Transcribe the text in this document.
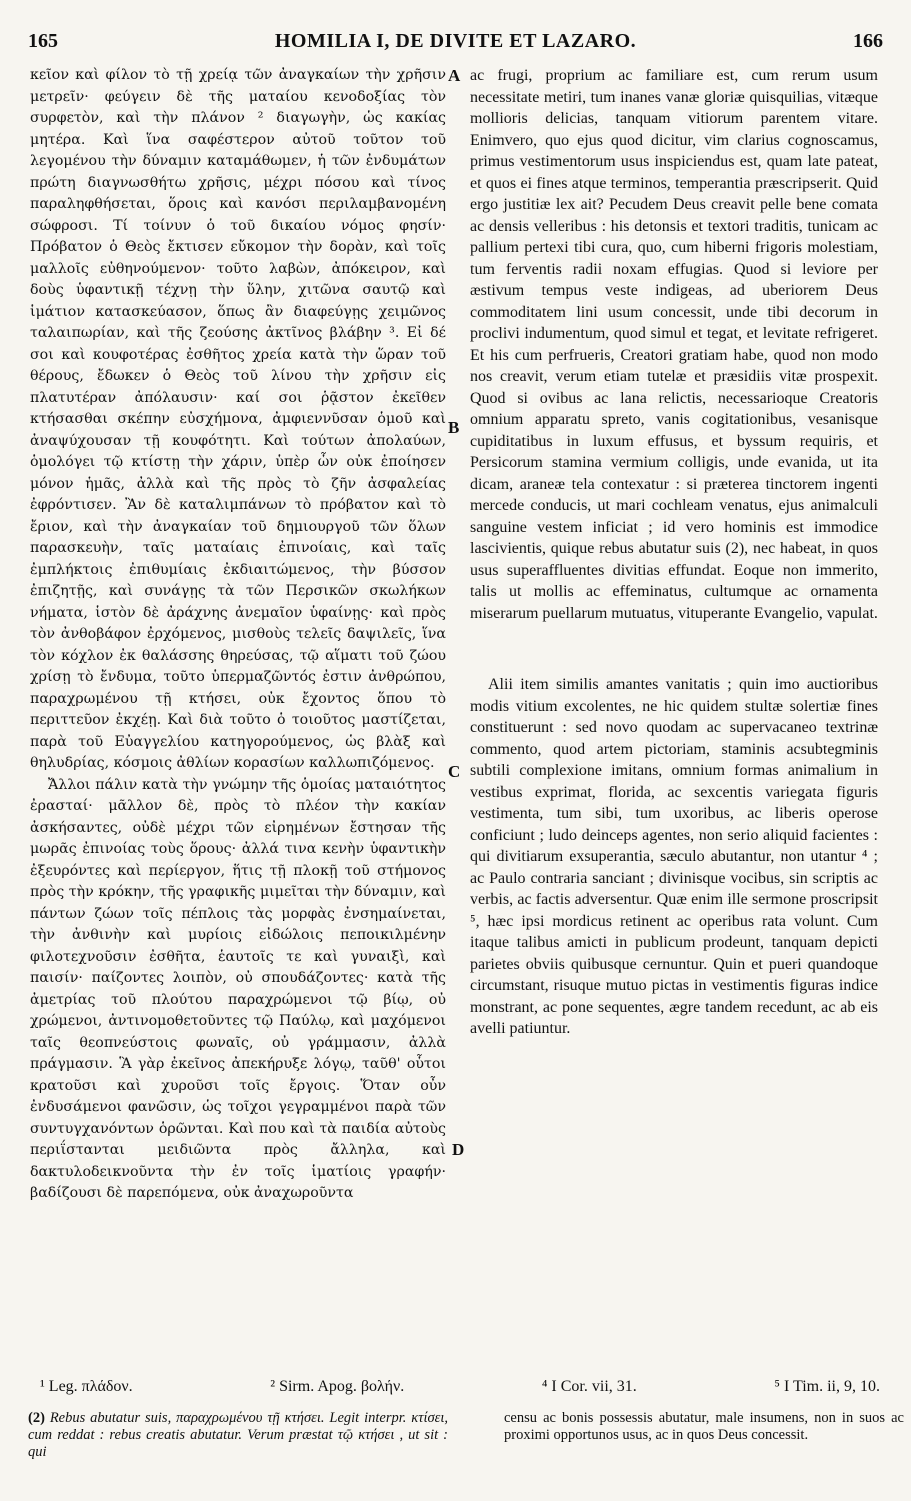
165	HOMILIA I, DE DIVITE ET LAZARO.	166

κεῖον καὶ φίλον τὸ τῇ χρείᾳ τῶν ἀναγκαίων τὴν χρῆσιν μετρεῖν· φεύγειν δὲ τῆς ματαίου κενοδοξίας τὸν συρφετὸν, καὶ τὴν πλάνον ² διαγωγὴν, ὡς κακίας μητέρα. Καὶ ἵνα σαφέστερον αὐτοῦ τοῦτον τοῦ λεγομένου τὴν δύναμιν καταμάθωμεν, ἡ τῶν ἐνδυμάτων πρώτη διαγνωσθήτω χρῆσις, μέχρι πόσου καὶ τίνος παραληφθήσεται, ὅροις καὶ κανόσι περιλαμβανομένη σώφροσι. Τί τοίνυν ὁ τοῦ δικαίου νόμος φησίν· Πρόβατον ὁ Θεὸς ἔκτισεν εὔκομον τὴν δορὰν, καὶ τοῖς μαλλοῖς εὐθηνούμενον· τοῦτο λαβὼν, ἀπόκειρον, καὶ δοὺς ὑφαντικῇ τέχνῃ τὴν ὕλην, χιτῶνα σαυτῷ καὶ ἱμάτιον κατασκεύασον, ὅπως ἂν διαφεύγῃς χειμῶνος ταλαιπωρίαν, καὶ τῆς ζεούσης ἀκτῖνος βλάβην ³. Εἰ δέ σοι καὶ κουφοτέρας ἐσθῆτος χρεία κατὰ τὴν ὥραν τοῦ θέρους, ἔδωκεν ὁ Θεὸς τοῦ λίνου τὴν χρῆσιν εἰς πλατυτέραν ἀπόλαυσιν· καί σοι ῥᾷστον ἐκεῖθεν κτήσασθαι σκέπην εὐσχήμονα, ἀμφιεννῦσαν ὁμοῦ καὶ ἀναψύχουσαν τῇ κουφότητι. Καὶ τούτων ἀπολαύων, ὁμολόγει τῷ κτίστῃ τὴν χάριν, ὑπὲρ ὧν οὐκ ἐποίησεν μόνον ἡμᾶς, ἀλλὰ καὶ τῆς πρὸς τὸ ζῆν ἀσφαλείας ἐφρόντισεν. Ἂν δὲ καταλιμπάνων τὸ πρόβατον καὶ τὸ ἔριον, καὶ τὴν ἀναγκαίαν τοῦ δημιουργοῦ τῶν ὅλων παρασκευὴν, ταῖς ματαίαις ἐπινοίαις, καὶ ταῖς ἐμπλήκτοις ἐπιθυμίαις ἐκδιαιτώμενος, τὴν βύσσον ἐπιζητῇς, καὶ συνάγῃς τὰ τῶν Περσικῶν σκωλήκων νήματα, ἱστὸν δὲ ἀράχνης ἀνεμαῖον ὑφαίνῃς· καὶ πρὸς τὸν ἀνθοβάφον ἐρχόμενος, μισθοὺς τελεῖς δαψιλεῖς, ἵνα τὸν κόχλον ἐκ θαλάσσης θηρεύσας, τῷ αἵματι τοῦ ζώου χρίσῃ τὸ ἔνδυμα, τοῦτο ὑπερμαζῶντός ἐστιν ἀνθρώπου, παραχρωμένου τῇ κτήσει, οὐκ ἔχοντος ὅπου τὸ περιττεῦον ἐκχέῃ. Καὶ διὰ τοῦτο ὁ τοιοῦτος μαστίζεται, παρὰ τοῦ Εὐαγγελίου κατηγορούμενος, ὡς βλὰξ καὶ θηλυδρίας, κόσμοις ἀθλίων κορασίων καλλωπιζόμενος.

Ἄλλοι πάλιν κατὰ τὴν γνώμην τῆς ὁμοίας ματαιότητος ἐρασταί· μᾶλλον δὲ, πρὸς τὸ πλέον τὴν κακίαν ἀσκήσαντες, οὐδὲ μέχρι τῶν εἰρημένων ἔστησαν τῆς μωρᾶς ἐπινοίας τοὺς ὅρους· ἀλλά τινα κενὴν ὑφαντικὴν ἐξευρόντες καὶ περίεργον, ἥτις τῇ πλοκῇ τοῦ στήμονος πρὸς τὴν κρόκην, τῆς γραφικῆς μιμεῖται τὴν δύναμιν, καὶ πάντων ζώων τοῖς πέπλοις τὰς μορφὰς ἐνσημαίνεται, τὴν ἀνθινὴν καὶ μυρίοις εἰδώλοις πεποικιλμένην φιλοτεχνοῦσιν ἐσθῆτα, ἑαυτοῖς τε καὶ γυναιξὶ, καὶ παισίν· παίζοντες λοιπὸν, οὐ σπουδάζοντες· κατὰ τῆς ἀμετρίας τοῦ πλούτου παραχρώμενοι τῷ βίῳ, οὐ χρώμενοι, ἀντινομοθετοῦντες τῷ Παύλῳ, καὶ μαχόμενοι ταῖς θεοπνεύστοις φωναῖς, οὐ γράμμασιν, ἀλλὰ πράγμασιν. Ἃ γὰρ ἐκεῖνος ἀπεκήρυξε λόγῳ, ταῦθ' οὗτοι κρατοῦσι καὶ χυροῦσι τοῖς ἔργοις. Ὅταν οὖν ἐνδυσάμενοι φανῶσιν, ὡς τοῖχοι γεγραμμένοι παρὰ τῶν συντυγχανόντων ὁρῶνται. Καὶ που καὶ τὰ παιδία αὐτοὺς περιΐστανται μειδιῶντα πρὸς ἄλληλα, καὶ δακτυλοδεικνοῦντα τὴν ἐν τοῖς ἱματίοις γραφήν· βαδίζουσι δὲ παρεπόμενα, οὐκ ἀναχωροῦντα

A
B
C
D

ac frugi, proprium ac familiare est, cum rerum usum necessitate metiri, tum inanes vanæ gloriæ quisquilias, vitæque mollioris delicias, tanquam vitiorum parentem vitare. Enimvero, quo ejus quod dicitur, vim clarius cognoscamus, primus vestimentorum usus inspiciendus est, quam late pateat, et quos ei fines atque terminos, temperantia præscripserit. Quid ergo justitiæ lex ait? Pecudem Deus creavit pelle bene comata ac densis velleribus : his detonsis et textori traditis, tunicam ac pallium pertexi tibi cura, quo, cum hiberni frigoris molestiam, tum ferventis radii noxam effugias. Quod si leviore per æstivum tempus veste indigeas, ad uberiorem Deus commoditatem lini usum concessit, unde tibi decorum in proclivi indumentum, quod simul et tegat, et levitate refrigeret. Et his cum perfrueris, Creatori gratiam habe, quod non modo nos creavit, verum etiam tutelæ et præsidiis vitæ prospexit. Quod si ovibus ac lana relictis, necessarioque Creatoris omnium apparatu spreto, vanis cogitationibus, vesanisque cupiditatibus in luxum effusus, et byssum requiris, et Persicorum stamina vermium colligis, unde evanida, ut ita dicam, araneæ tela contexatur : si præterea tinctorem ingenti mercede conducis, ut mari cochleam venatus, ejus animalculi sanguine vestem inficiat ; id vero hominis est immodice lascivientis, quique rebus abutatur suis (2), nec habeat, in quos usus superaffluentes divitias effundat. Eoque non immerito, talis ut mollis ac effeminatus, cultumque ac ornamenta miserarum puellarum mutuatus, vituperante Evangelio, vapulat.

Alii item similis amantes vanitatis ; quin imo auctioribus modis vitium excolentes, ne hic quidem stultæ solertiæ fines constituerunt : sed novo quodam ac supervacaneo textrinæ commento, quod artem pictoriam, staminis acsubtegminis subtili complexione imitans, omnium formas animalium in vestibus exprimat, florida, ac sexcentis variegata figuris vestimenta, tum sibi, tum uxoribus, ac liberis operose conficiunt ; ludo deinceps agentes, non serio aliquid facientes : qui divitiarum exsuperantia, sæculo abutantur, non utantur ⁴ ; ac Paulo contraria sanciant ; divinisque vocibus, sin scriptis ac verbis, ac factis adversentur. Quæ enim ille sermone proscripsit ⁵, hæc ipsi mordicus retinent ac operibus rata volunt. Cum itaque talibus amicti in publicum prodeunt, tanquam depicti parietes obviis quibusque cernuntur. Quin et pueri quandoque circumstant, risuque mutuo pictas in vestimentis figuras indice monstrant, ac pone sequentes, ægre tandem recedunt, ac ab eis avelli patiuntur.

¹ Leg. πλάδον.	² Sirm. Apog. βολήν.	⁴ I Cor. vii, 31.	⁵ I Tim. ii, 9, 10.
(2) Rebus abutatur suis, παραχρωμένου τῇ κτήσει. Legit interpr. κτίσει, cum reddat : rebus creatis abutatur. Verum præstat τῷ κτήσει , ut sit : qui
censu ac bonis possessis abutatur, male insumens, non in suos ac proximi opportunos usus, ac in quos Deus concessit.
